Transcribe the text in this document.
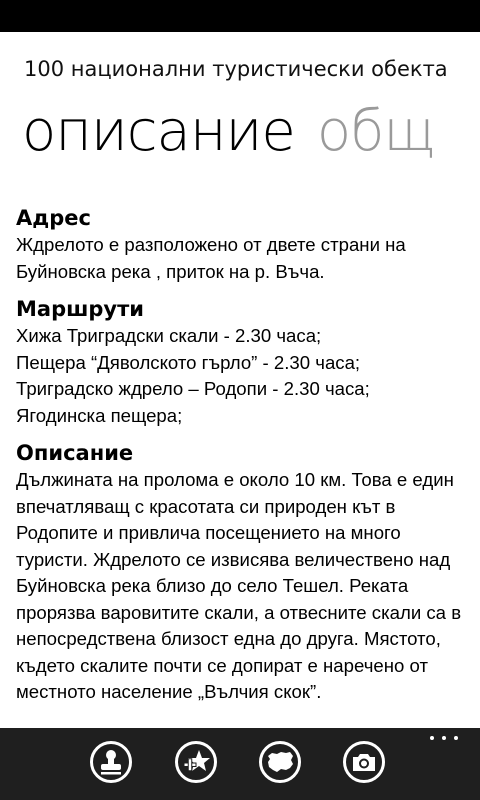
100 национални туристически обекта
описание общ
Адрес

Ждрелото е разположено от двете страни на Буйновска река , приток на р. Въча.

Маршрути

Хижа Триградски скали - 2.30 часа;
Пещера “Дяволското гърло” - 2.30 часа;
Триградско ждрело – Родопи - 2.30 часа;
Ягодинска пещера;

Описание

Дължината на пролома е около 10 км. Това е един впечатляващ с красотата си природен кът в Родопите и привлича посещението на много туристи. Ждрелото се извисява величествено над Буйновска река близо до село Тешел. Реката прорязва варовитите скали, а отвесните скали са в непосредствена близост една до друга. Мястото, където скалите почти се допират е наречено от местното население „Вълчия скок”.
